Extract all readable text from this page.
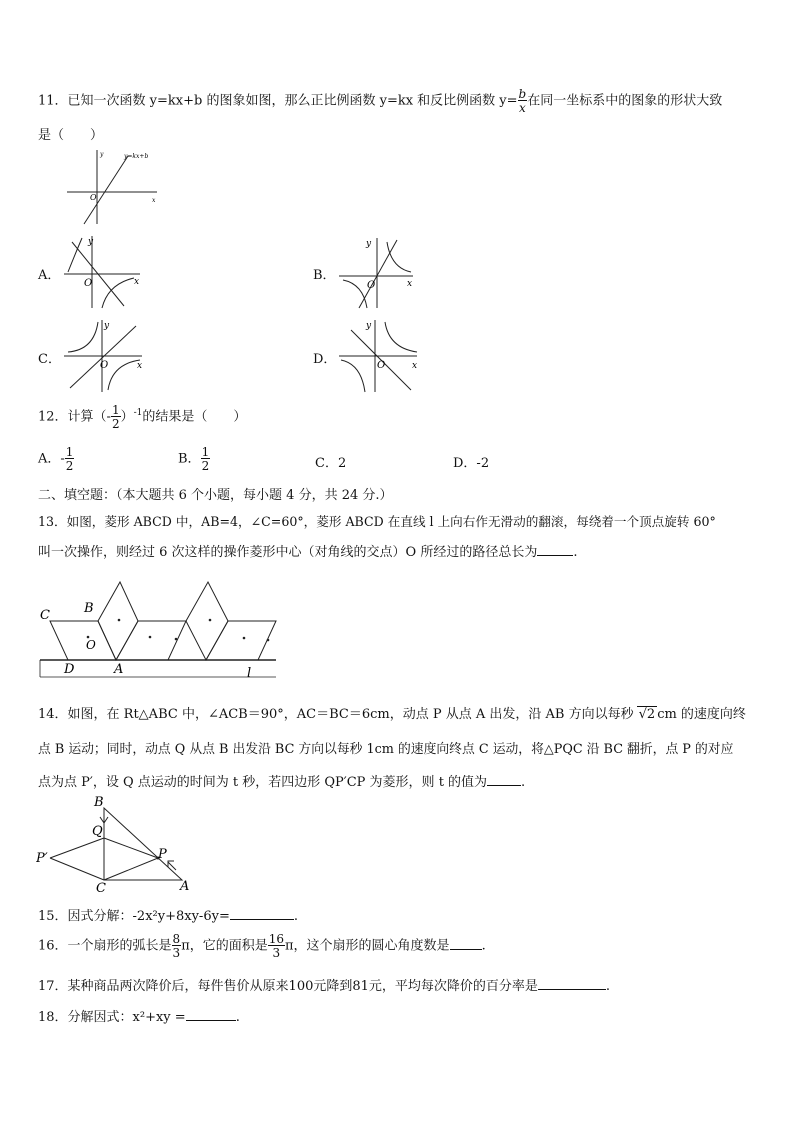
11．已知一次函数 y=kx+b 的图象如图，那么正比例函数 y=kx 和反比例函数 $y= \frac{b}{x}$ 在同一坐标系中的图象的形状大致
是（　　）
O
y
x
y=kx+b
A．
O
y
x	B．
O
y
x
C．	O
y
x	D．	O
y
x
12．计算（- $\frac{1}{2} )^{-1}$的结果是（　　）
A．- $\frac{1}{2}$	B． $\frac{1}{2}$	C．2	D．-2
二、填空题：（本大题共 6 个小题，每小题 4 分，共 24 分.）
13．如图，菱形 ABCD 中，AB=4，∠C=60°，菱形 ABCD 在直线 l 上向右作无滑动的翻滚，每绕着一个顶点旋转 60°
叫一次操作，则经过 6 次这样的操作菱形中心（对角线的交点）O 所经过的路径总长为	.
C	B
O
D	A	l
14．如图，在 Rt△ABC 中，∠ACB＝90°，AC＝BC＝6cm，动点 P 从点 A 出发，沿 AB 方向以每秒 √2 cm 的速度向终
点 B 运动；同时，动点 Q 从点 B 出发沿 BC 方向以每秒 1cm 的速度向终点 C 运动，将△PQC 沿 BC 翻折，点 P 的对应
点为点 P′，设 Q 点运动的时间为 t 秒，若四边形 QP′CP 为菱形，则 t 的值为	.
B
Q
P′	P
C	A
15．因式分解：-2x²y+8xy-6y=	.
16．一个扇形的弧长是 $\frac{8}{3}$ π，它的面积是 $\frac{16}{3}$ π，这个扇形的圆心角度数是 .
17．某种商品两次降价后，每件售价从原来100元降到81元，平均每次降价的百分率是	.
18．分解因式：x²+xy =	.
